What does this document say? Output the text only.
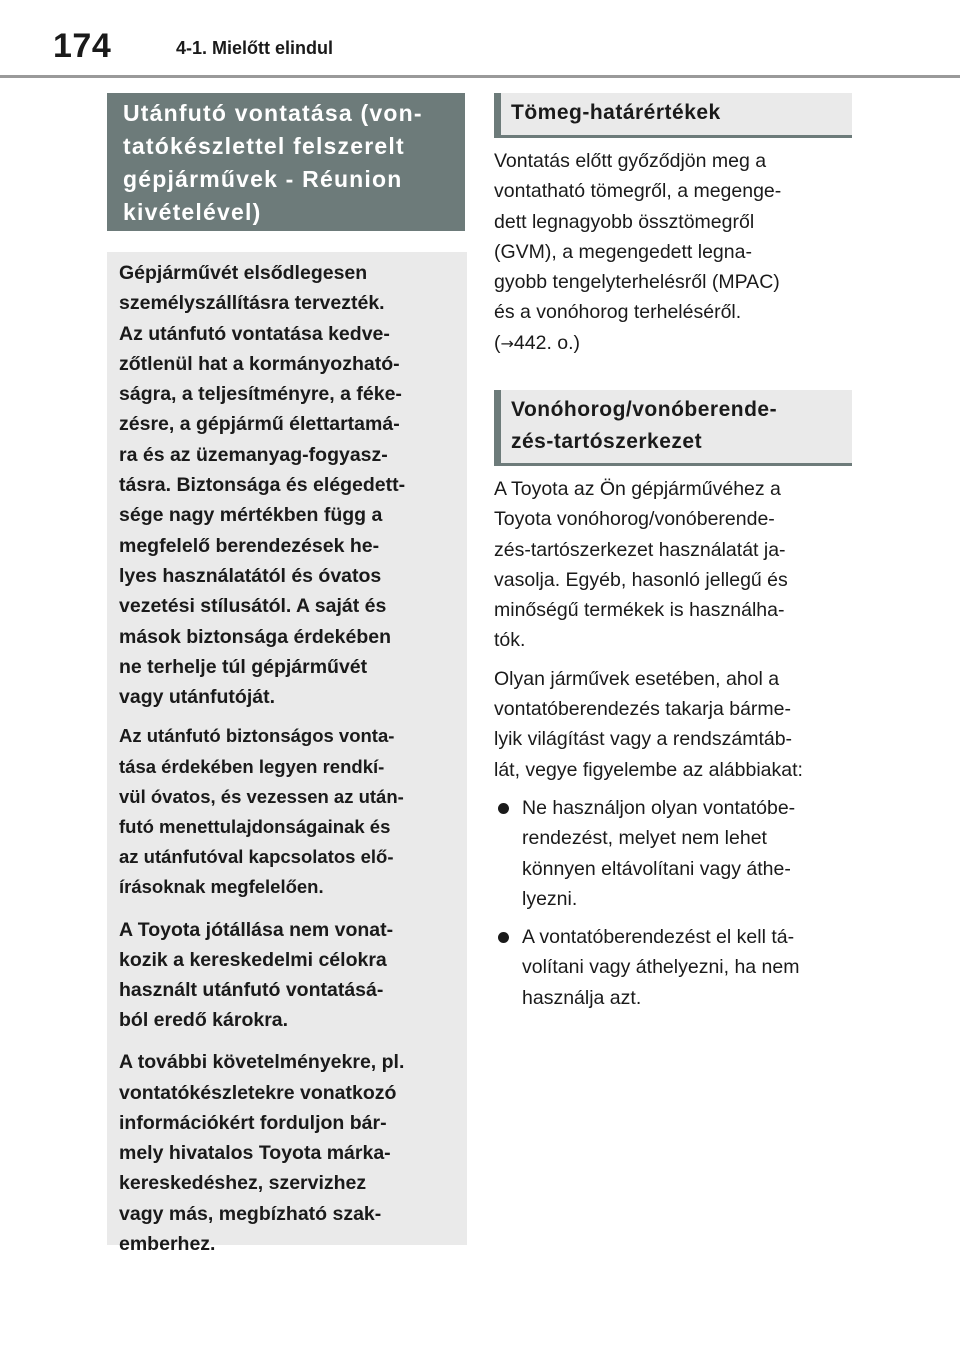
174	4-1. Mielőtt elindul
Utánfutó vontatása (von-
tatókészlettel felszerelt
gépjárművek - Réunion
kivételével)

Gépjárművét elsődlegesen
személyszállításra tervezték.
Az utánfutó vontatása kedve-
zőtlenül hat a kormányozható-
ságra, a teljesítményre, a féke-
zésre, a gépjármű élettartamá-
ra és az üzemanyag-fogyasz-
tásra. Biztonsága és elégedett-
sége nagy mértékben függ a
megfelelő berendezések he-
lyes használatától és óvatos
vezetési stílusától. A saját és
mások biztonsága érdekében
ne terhelje túl gépjárművét
vagy utánfutóját.

Az utánfutó biztonságos vonta-
tása érdekében legyen rendkí-
vül óvatos, és vezessen az után-
futó menettulajdonságainak és
az utánfutóval kapcsolatos elő-
írásoknak megfelelően.

A Toyota jótállása nem vonat-
kozik a kereskedelmi célokra
használt utánfutó vontatásá-
ból eredő károkra.

A további követelményekre, pl.
vontatókészletekre vonatkozó
információkért forduljon bár-
mely hivatalos Toyota márka-
kereskedéshez, szervizhez
vagy más, megbízható szak-
emberhez.

Tömeg-határértékek

Vontatás előtt győződjön meg a
vontatható tömegről, a megenge-
dett legnagyobb össztömegről
(GVM), a megengedett legna-
gyobb tengelyterhelésről (MPAC)
és a vonóhorog terheléséről.
(→442. o.)

Vonóhorog/vonóberende-
zés-tartószerkezet

A Toyota az Ön gépjárművéhez a
Toyota vonóhorog/vonóberende-
zés-tartószerkezet használatát ja-
vasolja. Egyéb, hasonló jellegű és
minőségű termékek is használha-
tók.

Olyan járművek esetében, ahol a
vontatóberendezés takarja bárme-
lyik világítást vagy a rendszámtáb-
lát, vegye figyelembe az alábbiakat:

Ne használjon olyan vontatóbe-
rendezést, melyet nem lehet
könnyen eltávolítani vagy áthe-
lyezni.

A vontatóberendezést el kell tá-
volítani vagy áthelyezni, ha nem
használja azt.
